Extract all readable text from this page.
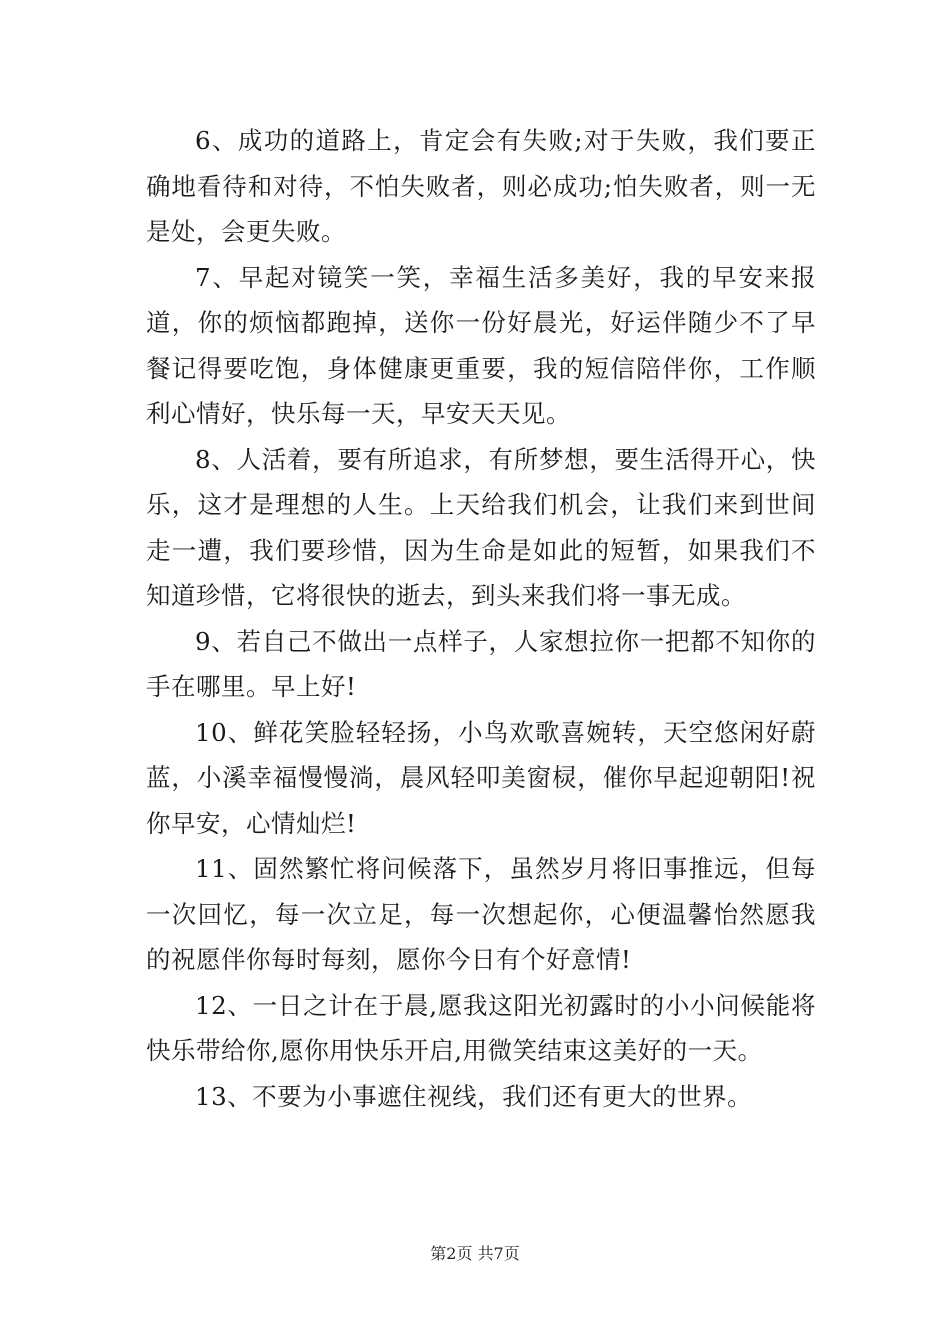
6、成功的道路上，肯定会有失败;对于失败，我们要正确地看待和对待，不怕失败者，则必成功;怕失败者，则一无是处，会更失败。

7、早起对镜笑一笑，幸福生活多美好，我的早安来报道，你的烦恼都跑掉，送你一份好晨光，好运伴随少不了早餐记得要吃饱，身体健康更重要，我的短信陪伴你，工作顺利心情好，快乐每一天，早安天天见。

8、人活着，要有所追求，有所梦想，要生活得开心，快乐，这才是理想的人生。上天给我们机会，让我们来到世间走一遭，我们要珍惜，因为生命是如此的短暂，如果我们不知道珍惜，它将很快的逝去，到头来我们将一事无成。

9、若自己不做出一点样子，人家想拉你一把都不知你的手在哪里。早上好!

10、鲜花笑脸轻轻扬，小鸟欢歌喜婉转，天空悠闲好蔚蓝，小溪幸福慢慢淌，晨风轻叩美窗棂，催你早起迎朝阳!祝你早安，心情灿烂!

11、固然繁忙将问候落下，虽然岁月将旧事推远，但每一次回忆，每一次立足，每一次想起你，心便温馨怡然愿我的祝愿伴你每时每刻，愿你今日有个好意情!

12、一日之计在于晨,愿我这阳光初露时的小小问候能将快乐带给你,愿你用快乐开启,用微笑结束这美好的一天。

13、不要为小事遮住视线，我们还有更大的世界。

第2页 共7页
